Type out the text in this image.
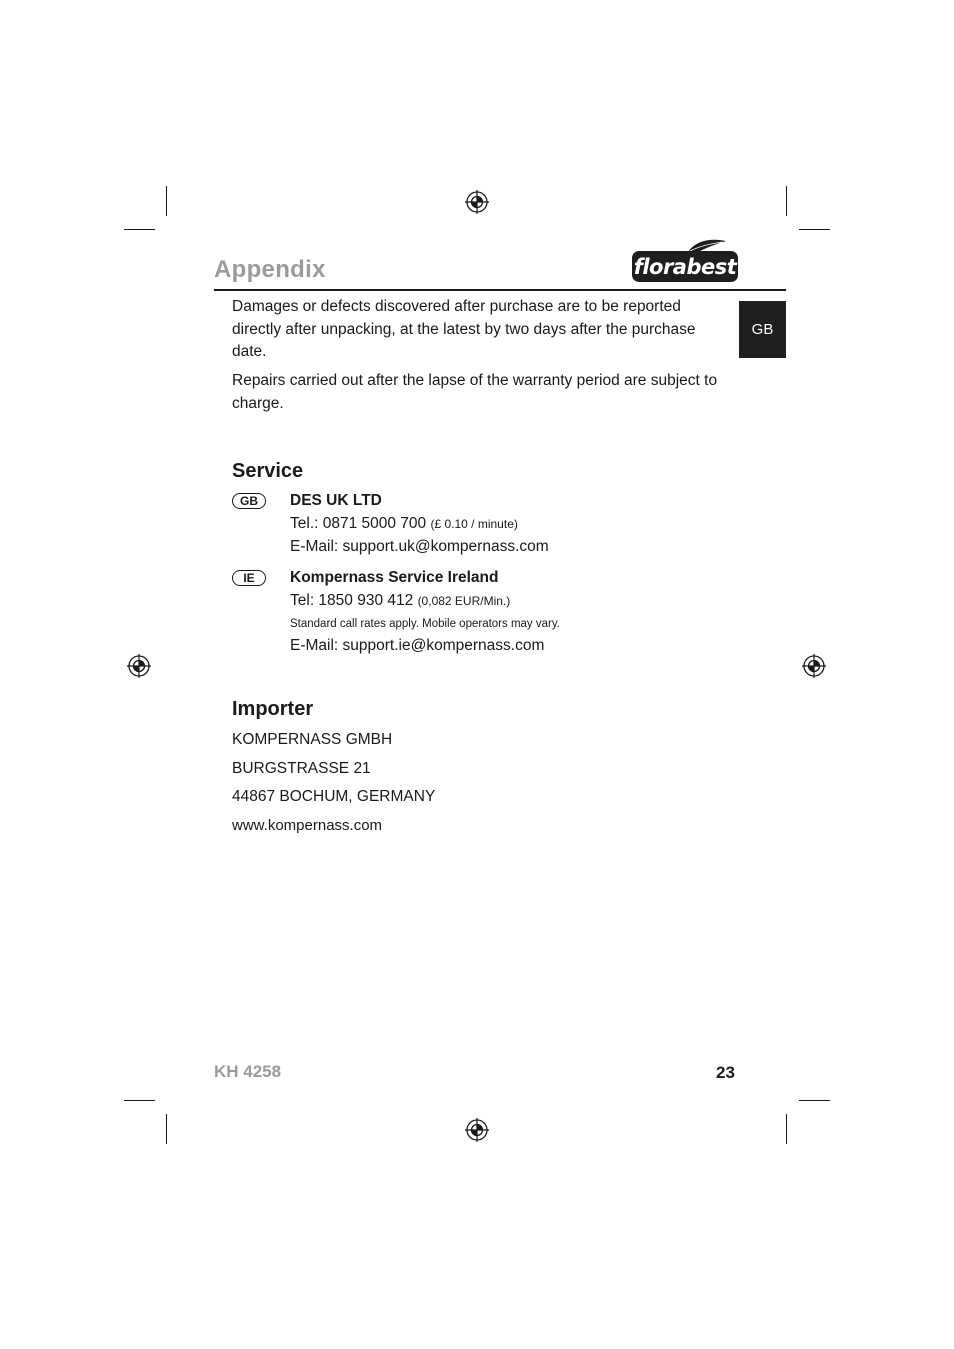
Appendix	florabest
GB
Damages or defects discovered after purchase are to be reported directly after unpacking, at the latest by two days after the purchase date.
Repairs carried out after the lapse of the warranty period are subject to charge.
Service
GB	DES UK LTD
Tel.: 0871 5000 700 (£ 0.10 / minute)
E-Mail: support.uk@kompernass.com
IE	Kompernass Service Ireland
Tel: 1850 930 412 (0,082 EUR/Min.)
Standard call rates apply. Mobile operators may vary.
E-Mail: support.ie@kompernass.com
Importer
KOMPERNASS GMBH
BURGSTRASSE 21
44867 BOCHUM, GERMANY
www.kompernass.com
KH 4258	23
